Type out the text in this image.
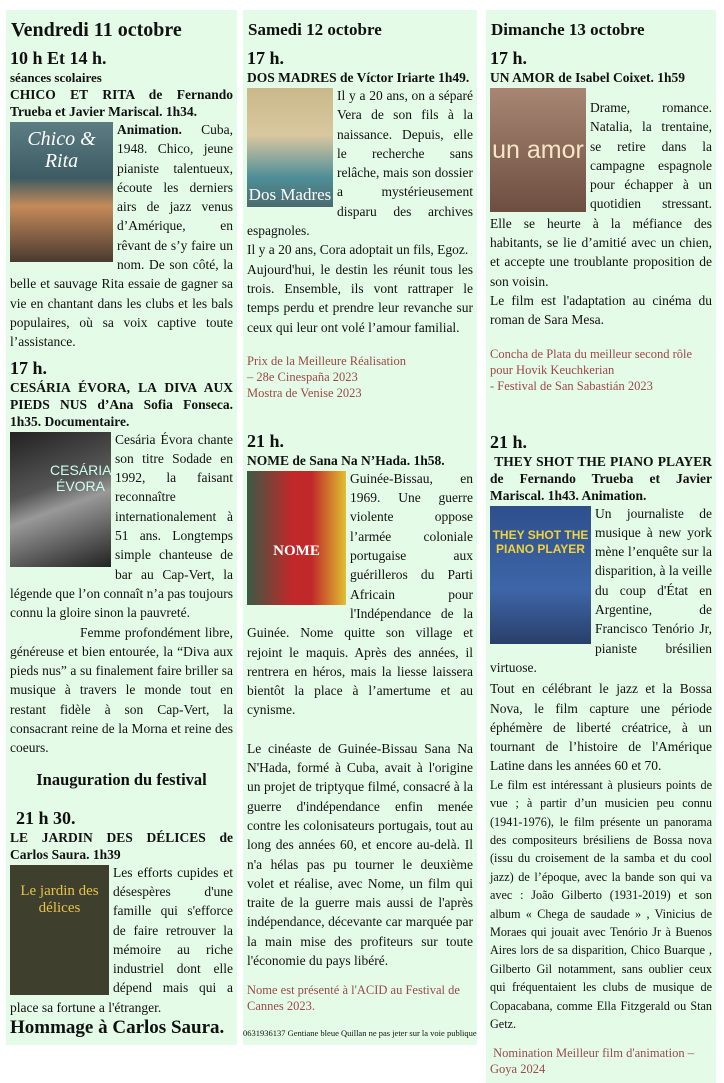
Vendredi 11 octobre
10 h Et 14 h.
séances scolaires
CHICO ET RITA de Fernando Trueba et Javier Mariscal. 1h34.
Chico & Rita

Animation. Cuba, 1948. Chico, jeune pianiste talentueux, écoute les derniers airs de jazz venus d’Amérique, en rêvant de s’y faire un nom. De son côté, la belle et sauvage Rita essaie de gagner sa vie en chantant dans les clubs et les bals populaires, où sa voix captive toute l’assistance.

17 h.
CESÁRIA ÉVORA, LA DIVA AUX PIEDS NUS d’Ana Sofia Fonseca. 1h35. Documentaire.
CESÁRIA ÉVORA

Cesária Évora chante son titre Sodade en 1992, la faisant reconnaître internationalement à 51 ans. Longtemps simple chanteuse de bar au Cap-Vert, la légende que l’on connaît n’a pas toujours connu la gloire sinon la pauvreté.

Femme profondément libre, généreuse et bien entourée, la “Diva aux pieds nus” a su finalement faire briller sa musique à travers le monde tout en restant fidèle à son Cap-Vert, la consacrant reine de la Morna et reine des coeurs.

Inauguration du festival
21 h 30.
LE JARDIN DES DÉLICES de Carlos Saura. 1h39
Le jardin des délices

Les efforts cupides et désespères d'une famille qui s'efforce de faire retrouver la mémoire au riche industriel dont elle dépend mais qui a place sa fortune a l'étranger.

Hommage à Carlos Saura.
Samedi 12 octobre
17 h.
DOS MADRES de Víctor Iriarte 1h49.
Dos Madres

Il y a 20 ans, on a séparé Vera de son fils à la naissance. Depuis, elle le recherche sans relâche, mais son dossier a mystérieusement disparu des archives espagnoles.

Il y a 20 ans, Cora adoptait un fils, Egoz.

Aujourd'hui, le destin les réunit tous les trois. Ensemble, ils vont rattraper le temps perdu et prendre leur revanche sur ceux qui leur ont volé l’amour familial.

Prix de la Meilleure Réalisation
– 28e Cinespaña 2023
Mostra de Venise 2023
21 h.
NOME de Sana Na N’Hada. 1h58.
NOME

Guinée-Bissau, en 1969. Une guerre violente oppose l’armée coloniale portugaise aux guérilleros du Parti Africain pour l'Indépendance de la Guinée. Nome quitte son village et rejoint le maquis. Après des années, il rentrera en héros, mais la liesse laissera bientôt la place à l’amertume et au cynisme.

Le cinéaste de Guinée-Bissau Sana Na N'Hada, formé à Cuba, avait à l'origine un projet de triptyque filmé, consacré à la guerre d'indépendance enfin menée contre les colonisateurs portugais, tout au long des années 60, et encore au-delà. Il n'a hélas pas pu tourner le deuxième volet et réalise, avec Nome, un film qui traite de la guerre mais aussi de l'après indépendance, décevante car marquée par la main mise des profiteurs sur toute l'économie du pays libéré.

Nome est présenté à l'ACID au Festival de Cannes 2023.
0631936137 Gentiane bleue Quillan ne pas jeter sur la voie publique
Dimanche 13 octobre
17 h.
UN AMOR de Isabel Coixet. 1h59
un amor

Drame, romance. Natalia, la trentaine, se retire dans la campagne espagnole pour échapper à un quotidien stressant. Elle se heurte à la méfiance des habitants, se lie d’amitié avec un chien, et accepte une troublante proposition de son voisin.

Le film est l'adaptation au cinéma du roman de Sara Mesa.

Concha de Plata du meilleur second rôle pour Hovik Keuchkerian
- Festival de San Sabastián 2023
21 h.
THEY SHOT THE PIANO PLAYER de Fernando Trueba et Javier Mariscal. 1h43. Animation.
THEY SHOT THE PIANO PLAYER

Un journaliste de musique à new york mène l’enquête sur la disparition, à la veille du coup d'État en Argentine, de Francisco Tenório Jr, pianiste brésilien virtuose.

Tout en célébrant le jazz et la Bossa Nova, le film capture une période éphémère de liberté créatrice, à un tournant de l’histoire de l'Amérique Latine dans les années 60 et 70.

Le film est intéressant à plusieurs points de vue ; à partir d’un musicien peu connu (1941-1976), le film présente un panorama des compositeurs brésiliens de Bossa nova (issu du croisement de la samba et du cool jazz) de l’époque, avec la bande son qui va avec : João Gilberto (1931-2019) et son album « Chega de saudade » , Vinicius de Moraes qui jouait avec Tenório Jr à Buenos Aires lors de sa disparition, Chico Buarque , Gilberto Gil notamment, sans oublier ceux qui fréquentaient les clubs de musique de Copacabana, comme Ella Fitzgerald ou Stan Getz.

Nomination Meilleur film d'animation – Goya 2024
